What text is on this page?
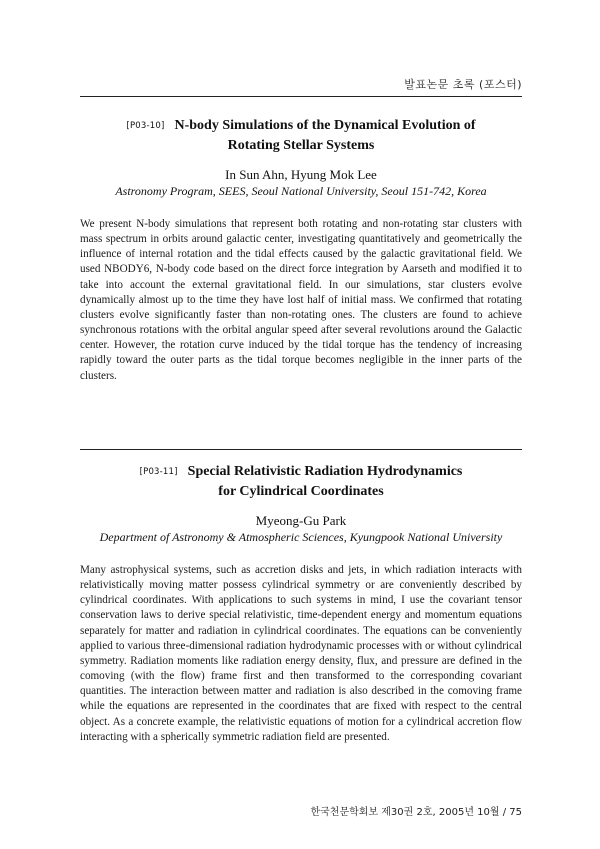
발표논문 초록 (포스터)
[P03-10] N-body Simulations of the Dynamical Evolution of
Rotating Stellar Systems
In Sun Ahn, Hyung Mok Lee
Astronomy Program, SEES, Seoul National University, Seoul 151-742, Korea
We present N-body simulations that represent both rotating and non-rotating star clusters with mass spectrum in orbits around galactic center, investigating quantitatively and geometrically the influence of internal rotation and the tidal effects caused by the galactic gravitational field. We used NBODY6, N-body code based on the direct force integration by Aarseth and modified it to take into account the external gravitational field. In our simulations, star clusters evolve dynamically almost up to the time they have lost half of initial mass. We confirmed that rotating clusters evolve significantly faster than non-rotating ones. The clusters are found to achieve synchronous rotations with the orbital angular speed after several revolutions around the Galactic center. However, the rotation curve induced by the tidal torque has the tendency of increasing rapidly toward the outer parts as the tidal torque becomes negligible in the inner parts of the clusters.
[P03-11] Special Relativistic Radiation Hydrodynamics
for Cylindrical Coordinates
Myeong-Gu Park
Department of Astronomy & Atmospheric Sciences, Kyungpook National University
Many astrophysical systems, such as accretion disks and jets, in which radiation interacts with relativistically moving matter possess cylindrical symmetry or are conveniently described by cylindrical coordinates. With applications to such systems in mind, I use the covariant tensor conservation laws to derive special relativistic, time-dependent energy and momentum equations separately for matter and radiation in cylindrical coordinates. The equations can be conveniently applied to various three-dimensional radiation hydrodynamic processes with or without cylindrical symmetry. Radiation moments like radiation energy density, flux, and pressure are defined in the comoving (with the flow) frame first and then transformed to the corresponding covariant quantities. The interaction between matter and radiation is also described in the comoving frame while the equations are represented in the coordinates that are fixed with respect to the central object. As a concrete example, the relativistic equations of motion for a cylindrical accretion flow interacting with a spherically symmetric radiation field are presented.
한국천문학회보 제30권 2호, 2005년 10월 / 75
